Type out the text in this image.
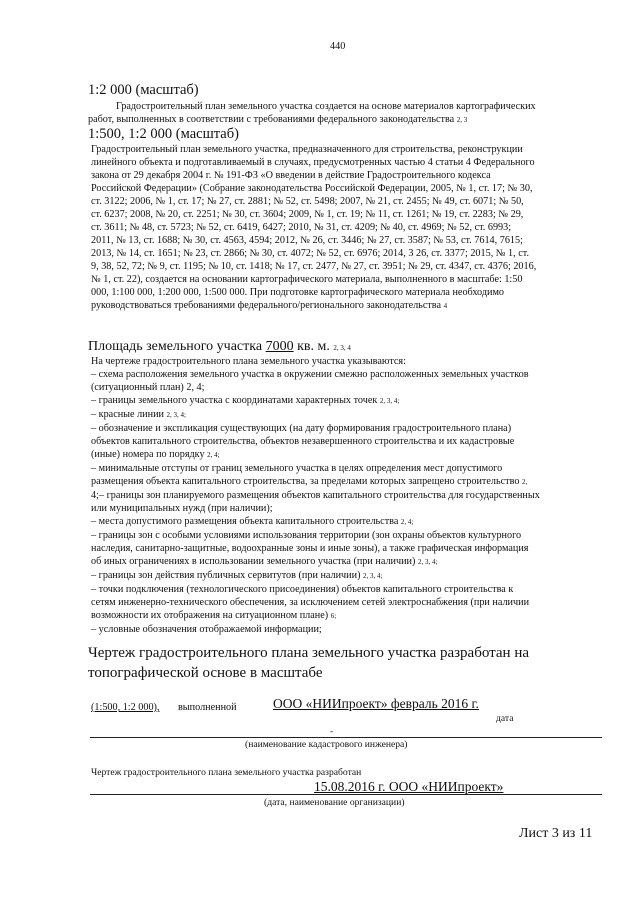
440
1:2 000 (масштаб)
Градостроительный план земельного участка создается на основе материалов картографических
работ, выполненных в соответствии с требованиями федерального законодательства 2, 3
1:500, 1:2 000 (масштаб)

Градостроительный план земельного участка, предназначенного для строительства, реконструкции

линейного объекта и подготавливаемый в случаях, предусмотренных частью 4 статьи 4 Федерального

закона от 29 декабря 2004 г. № 191-ФЗ «О введении в действие Градостроительного кодекса

Российской Федерации» (Собрание законодательства Российской Федерации, 2005, № 1, ст. 17; № 30,

ст. 3122; 2006, № 1, ст. 17; № 27, ст. 2881; № 52, ст. 5498; 2007, № 21, ст. 2455; № 49, ст. 6071; № 50,

ст. 6237; 2008, № 20, ст. 2251; № 30, ст. 3604; 2009, № 1, ст. 19; № 11, ст. 1261; № 19, ст. 2283; № 29,

ст. 3611; № 48, ст. 5723; № 52, ст. 6419, 6427; 2010, № 31, ст. 4209; № 40, ст. 4969; № 52, ст. 6993;

2011, № 13, ст. 1688; № 30, ст. 4563, 4594; 2012, № 26, ст. 3446; № 27, ст. 3587; № 53, ст. 7614, 7615;

2013, № 14, ст. 1651; № 23, ст. 2866; № 30, ст. 4072; № 52, ст. 6976; 2014, 3 26, ст. 3377; 2015, № 1, ст.

9, 38, 52, 72; № 9, ст. 1195; № 10, ст. 1418; № 17, ст. 2477, № 27, ст. 3951; № 29, ст. 4347, ст. 4376; 2016,

№ 1, ст. 22), создается на основании картографического материала, выполненного в масштабе: 1:50

000, 1:100 000, 1:200 000, 1:500 000. При подготовке картографического материала необходимо

руководствоваться требованиями федерального/регионального законодательства 4

Площадь земельного участка 7000 кв. м. 2, 3, 4

На чертеже градостроительного плана земельного участка указываются:

– схема расположения земельного участка в окружении смежно расположенных земельных участков

(ситуационный план) 2, 4;

– границы земельного участка с координатами характерных точек 2, 3, 4;

– красные линии 2, 3, 4;

– обозначение и экспликация существующих (на дату формирования градостроительного плана)

объектов капитального строительства, объектов незавершенного строительства и их кадастровые

(иные) номера по порядку 2, 4;

– минимальные отступы от границ земельного участка в целях определения мест допустимого

размещения объекта капитального строительства, за пределами которых запрещено строительство 2,

4;– границы зон планируемого размещения объектов капитального строительства для государственных

или муниципальных нужд (при наличии);

– места допустимого размещения объекта капитального строительства 2, 4;

– границы зон с особыми условиями использования территории (зон охраны объектов культурного

наследия, санитарно-защитные, водоохранные зоны и иные зоны), а также графическая информация

об иных ограничениях в использовании земельного участка (при наличии) 2, 3, 4;

– границы зон действия публичных сервитутов (при наличии) 2, 3, 4;

– точки подключения (технологического присоединения) объектов капитального строительства к

сетям инженерно-технического обеспечения, за исключением сетей электроснабжения (при наличии

возможности их отображения на ситуационном плане) 6;

– условные обозначения отображаемой информации;

Чертеж градостроительного плана земельного участка разработан на
топографической основе в масштабе
(1:500, 1:2 000), выполненной	ООО «НИИпроект» февраль 2016 г.
дата
-
(наименование кадастрового инженера)
Чертеж градостроительного плана земельного участка разработан
15.08.2016 г. ООО «НИИпроект»
(дата, наименование организации)
Лист 3 из 11
